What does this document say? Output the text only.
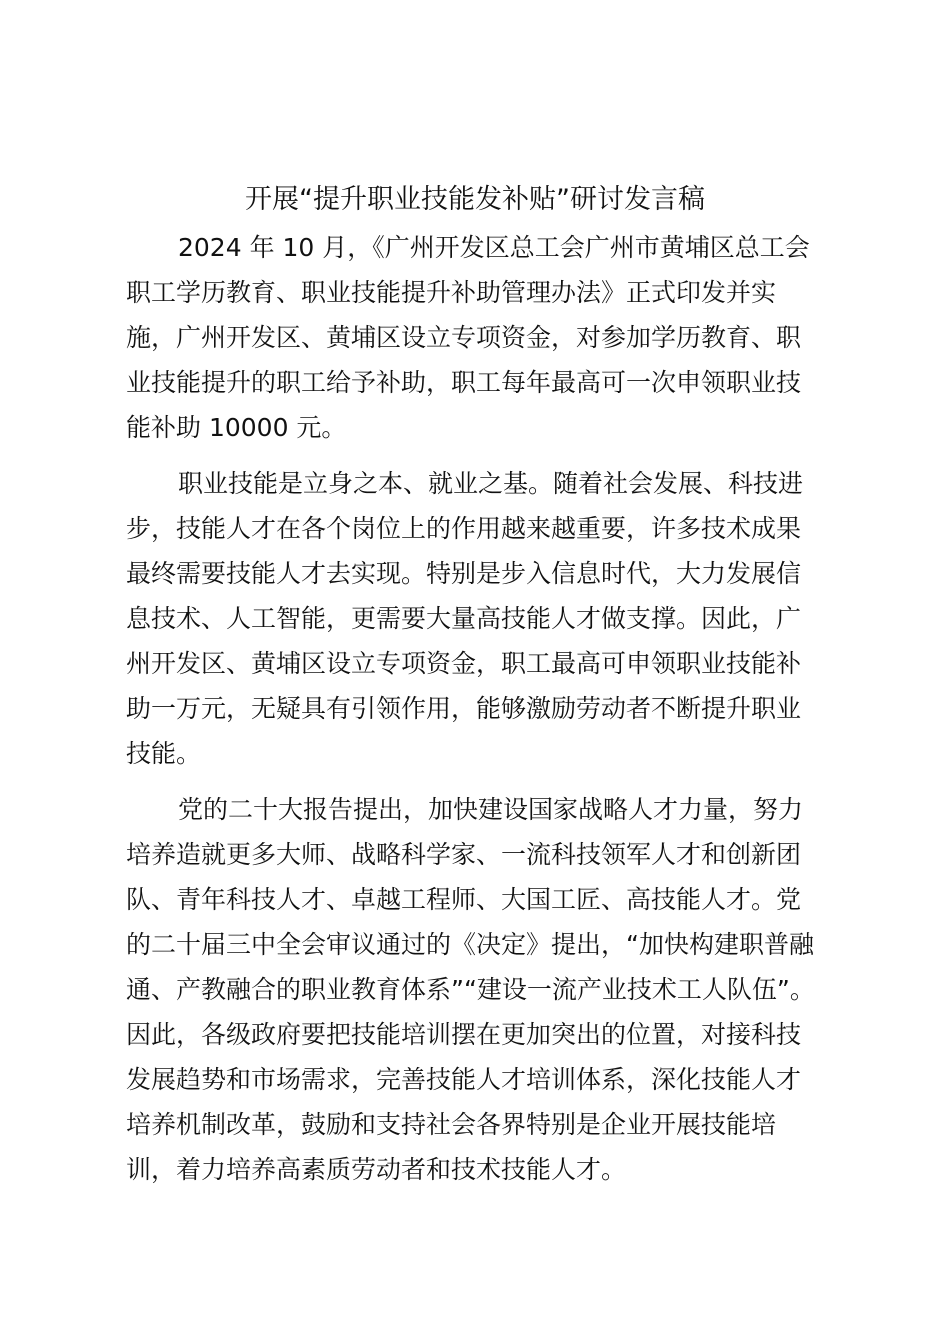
开展“提升职业技能发补贴”研讨发言稿

2024 年 10 月，《广州开发区总工会广州市黄埔区总工会
职工学历教育、职业技能提升补助管理办法》正式印发并实
施，广州开发区、黄埔区设立专项资金，对参加学历教育、职
业技能提升的职工给予补助，职工每年最高可一次申领职业技
能补助 10000 元。

职业技能是立身之本、就业之基。随着社会发展、科技进
步，技能人才在各个岗位上的作用越来越重要，许多技术成果
最终需要技能人才去实现。特别是步入信息时代，大力发展信
息技术、人工智能，更需要大量高技能人才做支撑。因此，广
州开发区、黄埔区设立专项资金，职工最高可申领职业技能补
助一万元，无疑具有引领作用，能够激励劳动者不断提升职业
技能。

党的二十大报告提出，加快建设国家战略人才力量，努力
培养造就更多大师、战略科学家、一流科技领军人才和创新团
队、青年科技人才、卓越工程师、大国工匠、高技能人才。党
的二十届三中全会审议通过的《决定》提出，“加快构建职普融
通、产教融合的职业教育体系”“建设一流产业技术工人队伍”。
因此，各级政府要把技能培训摆在更加突出的位置，对接科技
发展趋势和市场需求，完善技能人才培训体系，深化技能人才
培养机制改革，鼓励和支持社会各界特别是企业开展技能培
训，着力培养高素质劳动者和技术技能人才。
